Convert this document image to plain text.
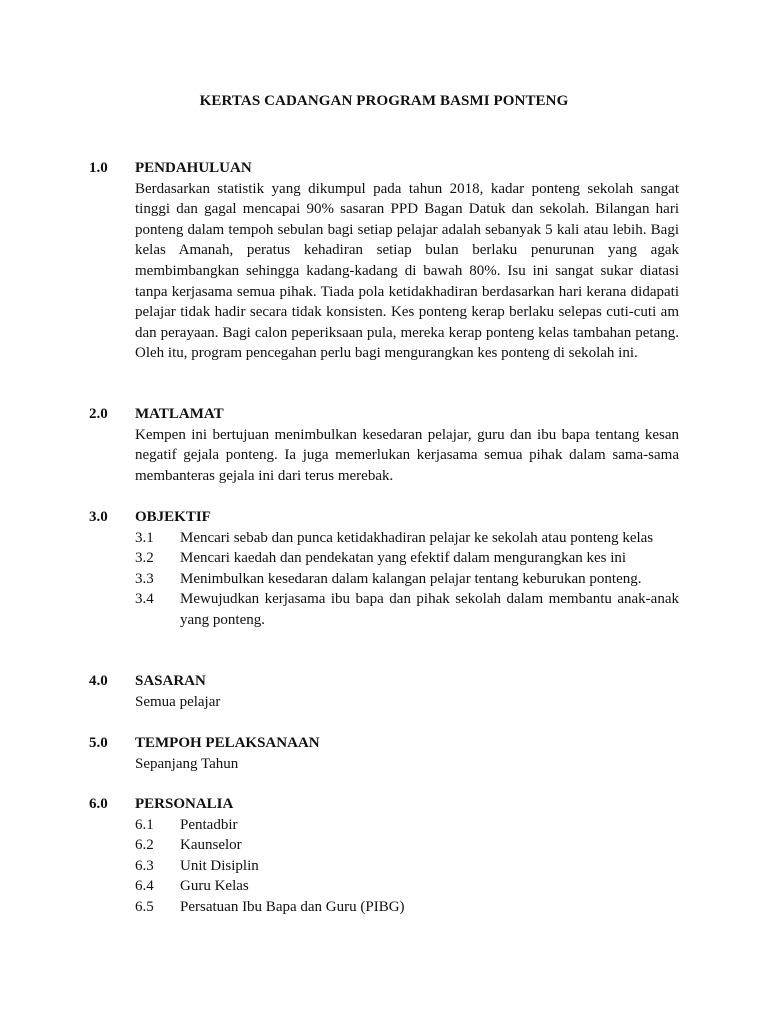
KERTAS CADANGAN PROGRAM BASMI PONTENG
1.0	PENDAHULUAN
Berdasarkan statistik yang dikumpul pada tahun 2018, kadar ponteng sekolah sangat tinggi dan gagal mencapai 90% sasaran PPD Bagan Datuk dan sekolah. Bilangan hari ponteng dalam tempoh sebulan bagi setiap pelajar adalah sebanyak 5 kali atau lebih. Bagi kelas Amanah, peratus kehadiran setiap bulan berlaku penurunan yang agak membimbangkan sehingga kadang-kadang di bawah 80%. Isu ini sangat sukar diatasi tanpa kerjasama semua pihak. Tiada pola ketidakhadiran berdasarkan hari kerana didapati pelajar tidak hadir secara tidak konsisten. Kes ponteng kerap berlaku selepas cuti-cuti am dan perayaan. Bagi calon peperiksaan pula, mereka kerap ponteng kelas tambahan petang. Oleh itu, program pencegahan perlu bagi mengurangkan kes ponteng di sekolah ini.
2.0	MATLAMAT
Kempen ini bertujuan menimbulkan kesedaran pelajar, guru dan ibu bapa tentang kesan negatif gejala ponteng. Ia juga memerlukan kerjasama semua pihak dalam sama-sama membanteras gejala ini dari terus merebak.
3.0	OBJEKTIF
3.1	Mencari sebab dan punca ketidakhadiran pelajar ke sekolah atau ponteng kelas
3.2	Mencari kaedah dan pendekatan yang efektif dalam mengurangkan kes ini
3.3	Menimbulkan kesedaran dalam kalangan pelajar tentang keburukan ponteng.
3.4	Mewujudkan kerjasama ibu bapa dan pihak sekolah dalam membantu anak-anak yang ponteng.
4.0	SASARAN
Semua pelajar
5.0	TEMPOH PELAKSANAAN
Sepanjang Tahun
6.0	PERSONALIA
6.1	Pentadbir
6.2	Kaunselor
6.3	Unit Disiplin
6.4	Guru Kelas
6.5	Persatuan Ibu Bapa dan Guru (PIBG)
